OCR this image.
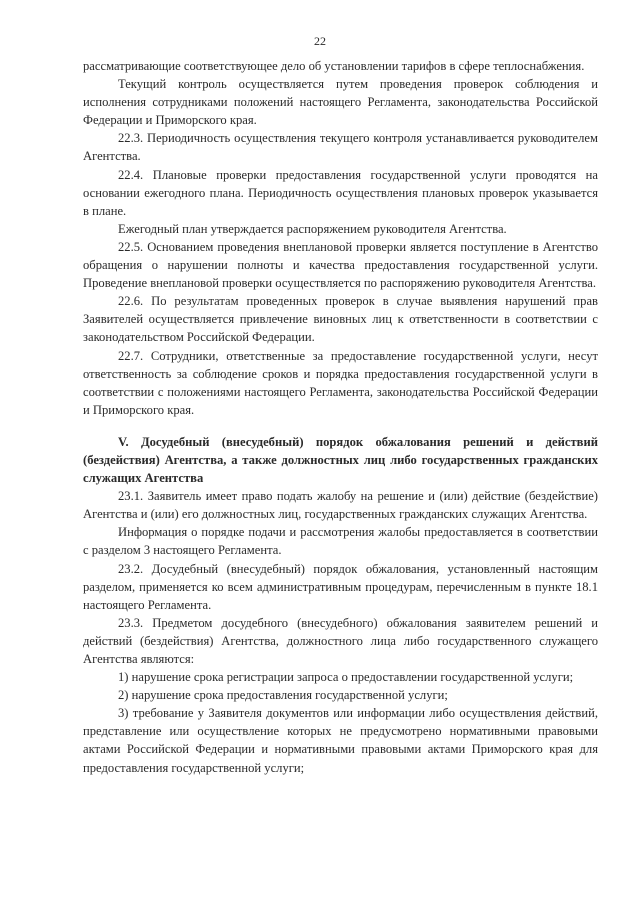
22

рассматривающие соответствующее дело об установлении тарифов в сфере теплоснабжения.

Текущий контроль осуществляется путем проведения проверок соблюдения и исполнения сотрудниками положений настоящего Регламента, законодательства Российской Федерации и Приморского края.

22.3. Периодичность осуществления текущего контроля устанавливается руководителем Агентства.

22.4. Плановые проверки предоставления государственной услуги проводятся на основании ежегодного плана. Периодичность осуществления плановых проверок указывается в плане.

Ежегодный план утверждается распоряжением руководителя Агентства.

22.5. Основанием проведения внеплановой проверки является поступление в Агентство обращения о нарушении полноты и качества предоставления государственной услуги. Проведение внеплановой проверки осуществляется по распоряжению руководителя Агентства.

22.6. По результатам проведенных проверок в случае выявления нарушений прав Заявителей осуществляется привлечение виновных лиц к ответственности в соответствии с законодательством Российской Федерации.

22.7. Сотрудники, ответственные за предоставление государственной услуги, несут ответственность за соблюдение сроков и порядка предоставления государственной услуги в соответствии с положениями настоящего Регламента, законодательства Российской Федерации и Приморского края.

V. Досудебный (внесудебный) порядок обжалования решений и действий (бездействия) Агентства, а также должностных лиц либо государственных гражданских служащих Агентства

23.1. Заявитель имеет право подать жалобу на решение и (или) действие (бездействие) Агентства и (или) его должностных лиц, государственных гражданских служащих Агентства.

Информация о порядке подачи и рассмотрения жалобы предоставляется в соответствии с разделом 3 настоящего Регламента.

23.2. Досудебный (внесудебный) порядок обжалования, установленный настоящим разделом, применяется ко всем административным процедурам, перечисленным в пункте 18.1 настоящего Регламента.

23.3. Предметом досудебного (внесудебного) обжалования заявителем решений и действий (бездействия) Агентства, должностного лица либо государственного служащего Агентства являются:

1) нарушение срока регистрации запроса о предоставлении государственной услуги;

2) нарушение срока предоставления государственной услуги;

3) требование у Заявителя документов или информации либо осуществления действий, представление или осуществление которых не предусмотрено нормативными правовыми актами Российской Федерации и нормативными правовыми актами Приморского края для предоставления государственной услуги;
